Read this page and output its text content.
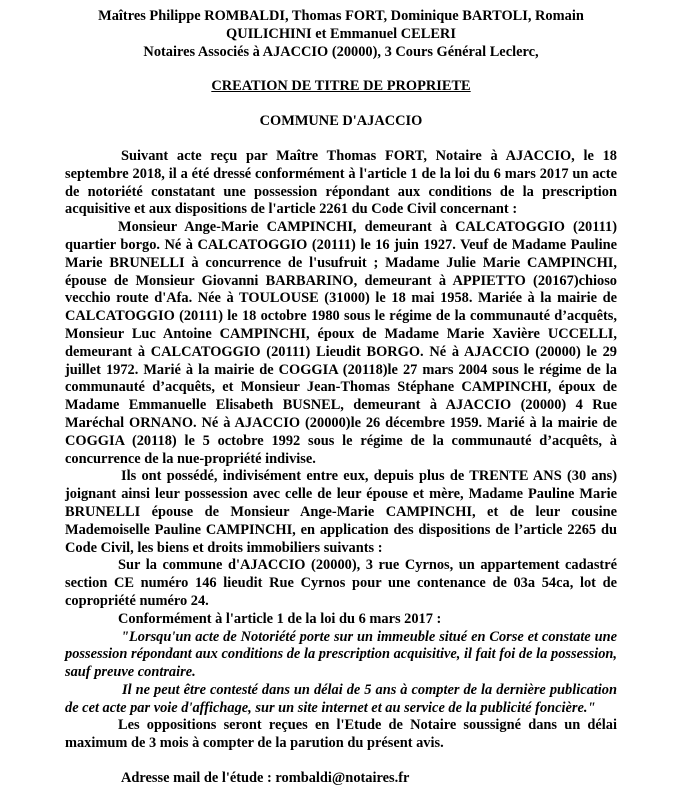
Maîtres Philippe ROMBALDI, Thomas FORT, Dominique BARTOLI, Romain
QUILICHINI et Emmanuel CELERI
Notaires Associés à AJACCIO (20000), 3 Cours Général Leclerc,
CREATION DE TITRE DE PROPRIETE
COMMUNE D'AJACCIO

Suivant acte reçu par Maître Thomas FORT, Notaire à AJACCIO, le 18 septembre 2018, il a été dressé conformément à l'article 1 de la loi du 6 mars 2017 un acte de notoriété constatant une possession répondant aux conditions de la prescription acquisitive et aux dispositions de l'article 2261 du Code Civil concernant :

Monsieur Ange-Marie CAMPINCHI, demeurant à CALCATOGGIO (20111) quartier borgo. Né à CALCATOGGIO (20111) le 16 juin 1927. Veuf de Madame Pauline Marie BRUNELLI à concurrence de l'usufruit ; Madame Julie Marie CAMPINCHI, épouse de Monsieur Giovanni BARBARINO, demeurant à APPIETTO (20167)chioso vecchio route d'Afa. Née à TOULOUSE (31000) le 18 mai 1958. Mariée à la mairie de CALCATOGGIO (20111) le 18 octobre 1980 sous le régime de la communauté d’acquêts, Monsieur Luc Antoine CAMPINCHI, époux de Madame Marie Xavière UCCELLI, demeurant à CALCATOGGIO (20111) Lieudit BORGO. Né à AJACCIO (20000) le 29 juillet 1972. Marié à la mairie de COGGIA (20118)le 27 mars 2004 sous le régime de la communauté d’acquêts, et Monsieur Jean-Thomas Stéphane CAMPINCHI, époux de Madame Emmanuelle Elisabeth BUSNEL, demeurant à AJACCIO (20000) 4 Rue Maréchal ORNANO. Né à AJACCIO (20000)le 26 décembre 1959. Marié à la mairie de COGGIA (20118) le 5 octobre 1992 sous le régime de la communauté d’acquêts, à concurrence de la nue-propriété indivise.

Ils ont possédé, indivisément entre eux, depuis plus de TRENTE ANS (30 ans) joignant ainsi leur possession avec celle de leur épouse et mère, Madame Pauline Marie BRUNELLI épouse de Monsieur Ange-Marie CAMPINCHI, et de leur cousine Mademoiselle Pauline CAMPINCHI, en application des dispositions de l’article 2265 du Code Civil, les biens et droits immobiliers suivants :

Sur la commune d'AJACCIO (20000), 3 rue Cyrnos, un appartement cadastré section CE numéro 146 lieudit Rue Cyrnos pour une contenance de 03a 54ca, lot de copropriété numéro 24.

Conformément à l'article 1 de la loi du 6 mars 2017 :

"Lorsqu'un acte de Notoriété porte sur un immeuble situé en Corse et constate une possession répondant aux conditions de la prescription acquisitive, il fait foi de la possession, sauf preuve contraire.

Il ne peut être contesté dans un délai de 5 ans à compter de la dernière publication de cet acte par voie d'affichage, sur un site internet et au service de la publicité foncière."

Les oppositions seront reçues en l'Etude de Notaire soussigné dans un délai maximum de 3 mois à compter de la parution du présent avis.

Adresse mail de l'étude : rombaldi@notaires.fr
